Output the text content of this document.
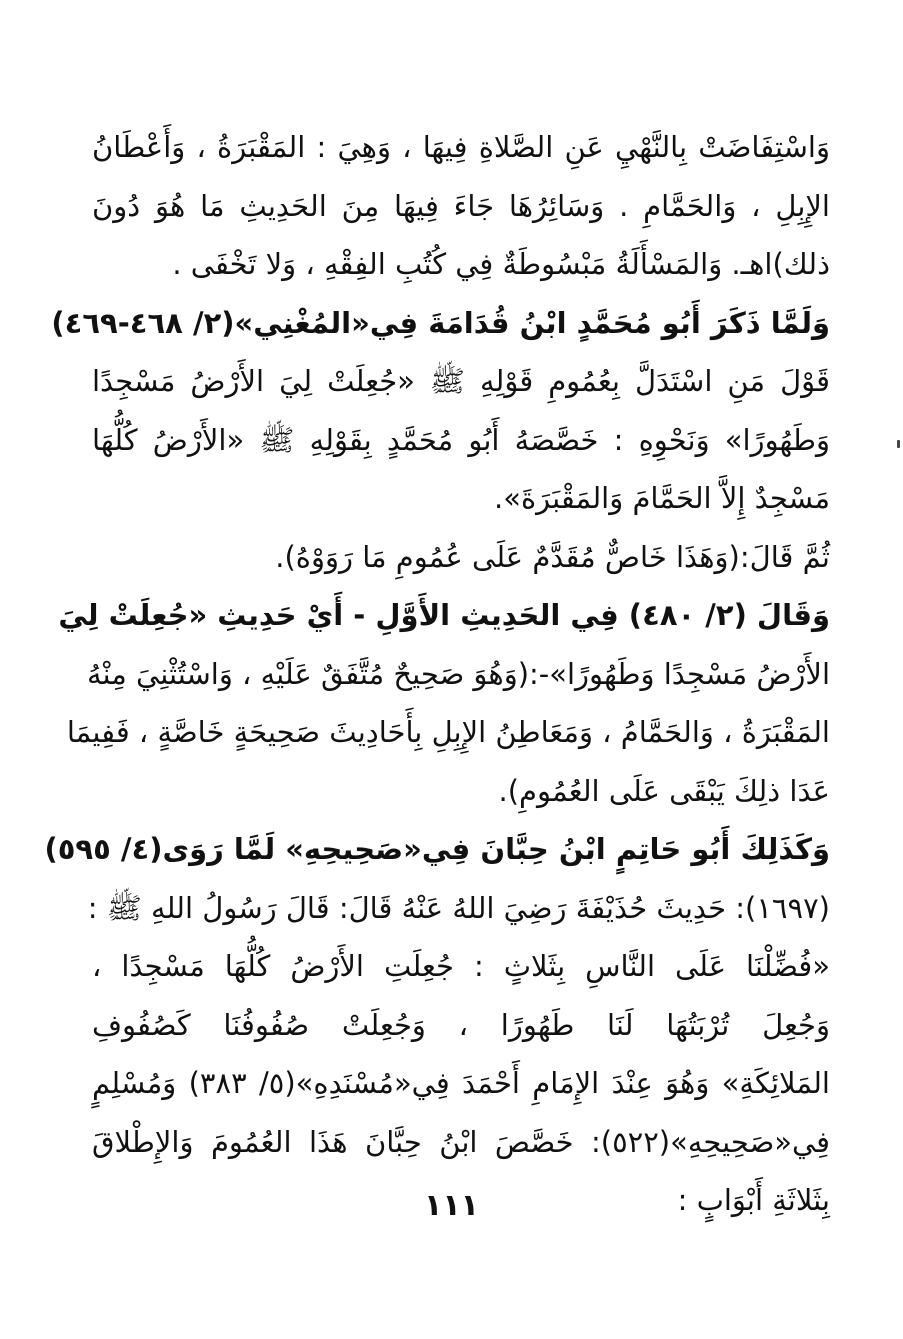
وَاسْتِفَاضَتْ بِالنَّهْيِ عَنِ الصَّلاةِ فِيهَا ، وَهِيَ : المَقْبَرَةُ ، وَأَعْطَانُ
الإِبِلِ ، وَالحَمَّامِ . وَسَائِرُهَا جَاءَ فِيهَا مِنَ الحَدِيثِ مَا هُوَ دُونَ
ذلك)اهـ. وَالمَسْأَلَةُ مَبْسُوطَةٌ فِي كُتُبِ الفِقْهِ ، وَلا تَخْفَى .
وَلَمَّا ذَكَرَ أَبُو مُحَمَّدٍ ابْنُ قُدَامَةَ فِي«المُغْنِي»(٢/ ٤٦٨-٤٦٩)
قَوْلَ مَنِ اسْتَدَلَّ بِعُمُومِ قَوْلِهِ ﷺ «جُعِلَتْ لِيَ الأَرْضُ مَسْجِدًا
وَطَهُورًا» وَنَحْوِهِ : خَصَّصَهُ أَبُو مُحَمَّدٍ بِقَوْلِهِ ﷺ «الأَرْضُ كُلُّهَا
مَسْجِدٌ إِلاَّ الحَمَّامَ وَالمَقْبَرَةَ».
ثُمَّ قَالَ:(وَهَذَا خَاصٌّ مُقَدَّمٌ عَلَى عُمُومِ مَا رَوَوْهُ).
وَقَالَ (٢/ ٤٨٠) فِي الحَدِيثِ الأَوَّلِ - أَيْ حَدِيثِ «جُعِلَتْ لِيَ
الأَرْضُ مَسْجِدًا وَطَهُورًا»-:(وَهُوَ صَحِيحٌ مُتَّفَقٌ عَلَيْهِ ، وَاسْتُثْنِيَ مِنْهُ
المَقْبَرَةُ ، وَالحَمَّامُ ، وَمَعَاطِنُ الإِبِلِ بِأَحَادِيثَ صَحِيحَةٍ خَاصَّةٍ ، فَفِيمَا
عَدَا ذلِكَ يَبْقَى عَلَى العُمُومِ).
وَكَذَلِكَ أَبُو حَاتِمٍ ابْنُ حِبَّانَ فِي«صَحِيحِهِ» لَمَّا رَوَى(٤/ ٥٩٥)
(١٦٩٧): حَدِيثَ حُذَيْفَةَ رَضِيَ اللهُ عَنْهُ قَالَ: قَالَ رَسُولُ اللهِ ﷺ :
«فُضِّلْنَا عَلَى النَّاسِ بِثَلاثٍ : جُعِلَتِ الأَرْضُ كُلُّهَا مَسْجِدًا ،
وَجُعِلَ تُرْبَتُهَا لَنَا طَهُورًا ، وَجُعِلَتْ صُفُوفُنَا كَصُفُوفِ
المَلائِكَةِ» وَهُوَ عِنْدَ الإِمَامِ أَحْمَدَ فِي«مُسْنَدِهِ»(٥/ ٣٨٣) وَمُسْلِمٍ
فِي«صَحِيحِهِ»(٥٢٢): خَصَّصَ ابْنُ حِبَّانَ هَذَا العُمُومَ وَالإِطْلاقَ
بِثَلاثَةِ أَبْوَابٍ :
١١١
